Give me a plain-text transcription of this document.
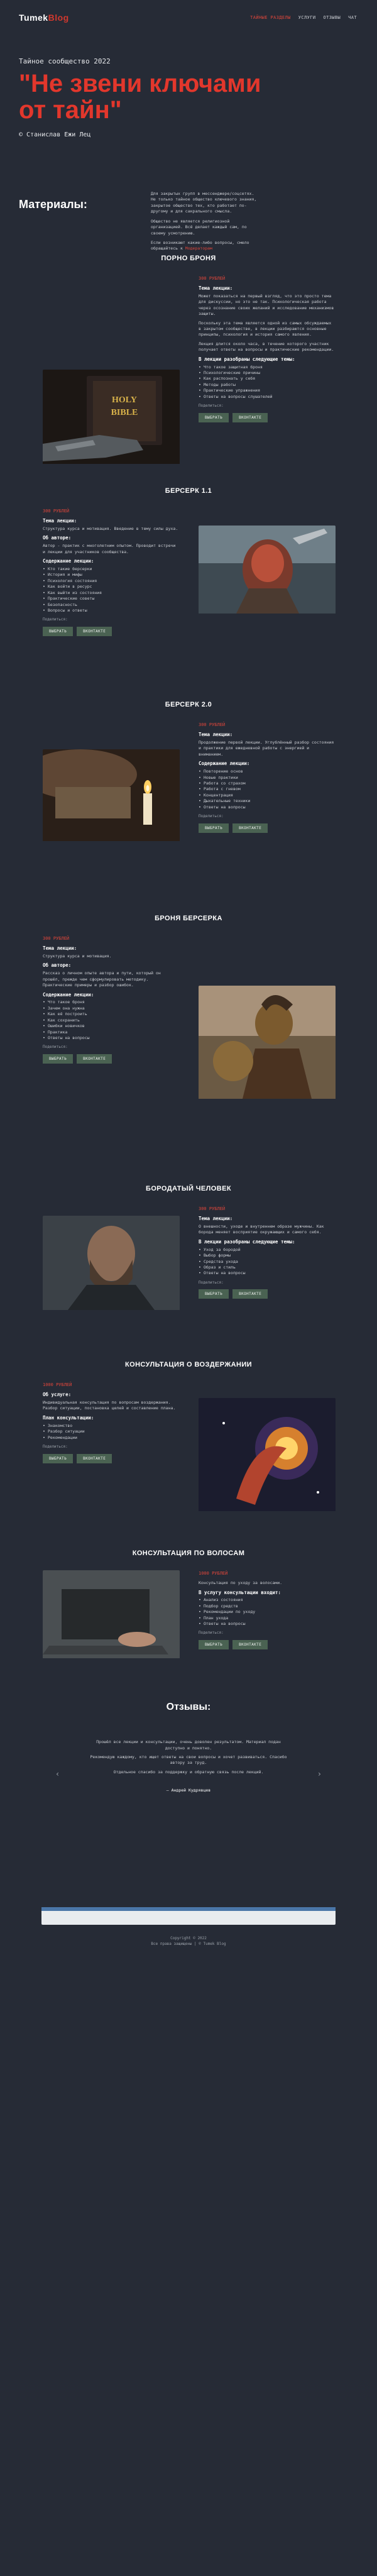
TumekBlog	ТАЙНЫЕ РАЗДЕЛЫ УСЛУГИ ОТЗЫВЫ ЧАТ
Тайное сообщество 2022
"Не звени ключами от тайн"
© Станислав Ежи Лец
Материалы:

Для закрытых групп в мессенджере/соцсетях. Не только тайное общество ключевого знания, закрытое общество тех, кто работает по-другому и для сакрального смысла.

Общество не является религиозной организацией. Всё делает каждый сам, по своему усмотрению.

Если возникают какие-либо вопросы, смело обращайтесь к Модераторам

ПОРНО БРОНЯ
HOLY
BIBLE
300 РУБЛЕЙ
Тема лекции:
Может показаться на первый взгляд, что это просто тема для дискуссии, но это не так. Психологическая работа через осознание своих желаний и исследование механизмов защиты.
Поскольку эта тема является одной из самых обсуждаемых в закрытом сообществе, в лекции разбираются основные принципы, психология и история самого явления.
Лекция длится около часа, в течение которого участник получает ответы на вопросы и практические рекомендации.
В лекции разобраны следующие темы:
• Что такое защитная броня
• Психологические причины
• Как распознать у себя
• Методы работы
• Практические упражнения
• Ответы на вопросы слушателей
Поделиться:
ВЫБРАТЬ	ВКОНТАКТЕ
БЕРСЕРК 1.1
300 РУБЛЕЙ
Тема лекции:
Структура курса и мотивация. Введение в тему силы духа.
Об авторе:
Автор - практик с многолетним опытом. Проводит встречи и лекции для участников сообщества.
Содержание лекции:
• Кто такие берсерки
• История и мифы
• Психология состояния
• Как войти в ресурс
• Как выйти из состояния
• Практические советы
• Безопасность
• Вопросы и ответы
Поделиться:
ВЫБРАТЬ	ВКОНТАКТЕ
БЕРСЕРК 2.0
300 РУБЛЕЙ
Тема лекции:
Продолжение первой лекции. Углублённый разбор состояния и практики для ежедневной работы с энергией и вниманием.
Содержание лекции:
• Повторение основ
• Новые практики
• Работа со страхом
• Работа с гневом
• Концентрация
• Дыхательные техники
• Ответы на вопросы
Поделиться:
ВЫБРАТЬ	ВКОНТАКТЕ
БРОНЯ БЕРСЕРКА
300 РУБЛЕЙ
Тема лекции:
Структура курса и мотивация.
Об авторе:
Рассказ о личном опыте автора и пути, который он прошёл, прежде чем сформулировать методику. Практические примеры и разбор ошибок.
Содержание лекции:
• Что такое броня
• Зачем она нужна
• Как её построить
• Как сохранить
• Ошибки новичков
• Практика
• Ответы на вопросы
Поделиться:
ВЫБРАТЬ	ВКОНТАКТЕ
БОРОДАТЫЙ ЧЕЛОВЕК
300 РУБЛЕЙ
Тема лекции:
О внешности, уходе и внутреннем образе мужчины. Как борода меняет восприятие окружающих и самого себя.
В лекции разобраны следующие темы:
• Уход за бородой
• Выбор формы
• Средства ухода
• Образ и стиль
• Ответы на вопросы
Поделиться:
ВЫБРАТЬ	ВКОНТАКТЕ
КОНСУЛЬТАЦИЯ О ВОЗДЕРЖАНИИ
1000 РУБЛЕЙ
Об услуге:
Индивидуальная консультация по вопросам воздержания. Разбор ситуации, постановка целей и составление плана.
План консультации:
• Знакомство
• Разбор ситуации
• Рекомендации
Поделиться:
ВЫБРАТЬ	ВКОНТАКТЕ
КОНСУЛЬТАЦИЯ ПО ВОЛОСАМ
1000 РУБЛЕЙ
Консультация по уходу за волосами.
В услугу консультации входит:
• Анализ состояния
• Подбор средств
• Рекомендации по уходу
• План ухода
• Ответы на вопросы
Поделиться:
ВЫБРАТЬ	ВКОНТАКТЕ
Отзывы:
‹	›

Прошёл все лекции и консультации, очень доволен результатом. Материал подан доступно и понятно.

Рекомендую каждому, кто ищет ответы на свои вопросы и хочет развиваться. Спасибо автору за труд.

Отдельное спасибо за поддержку и обратную связь после лекций.

— Андрей Кудрявцев

Copyright © 2022
Все права защищены | © Tumek Blog
